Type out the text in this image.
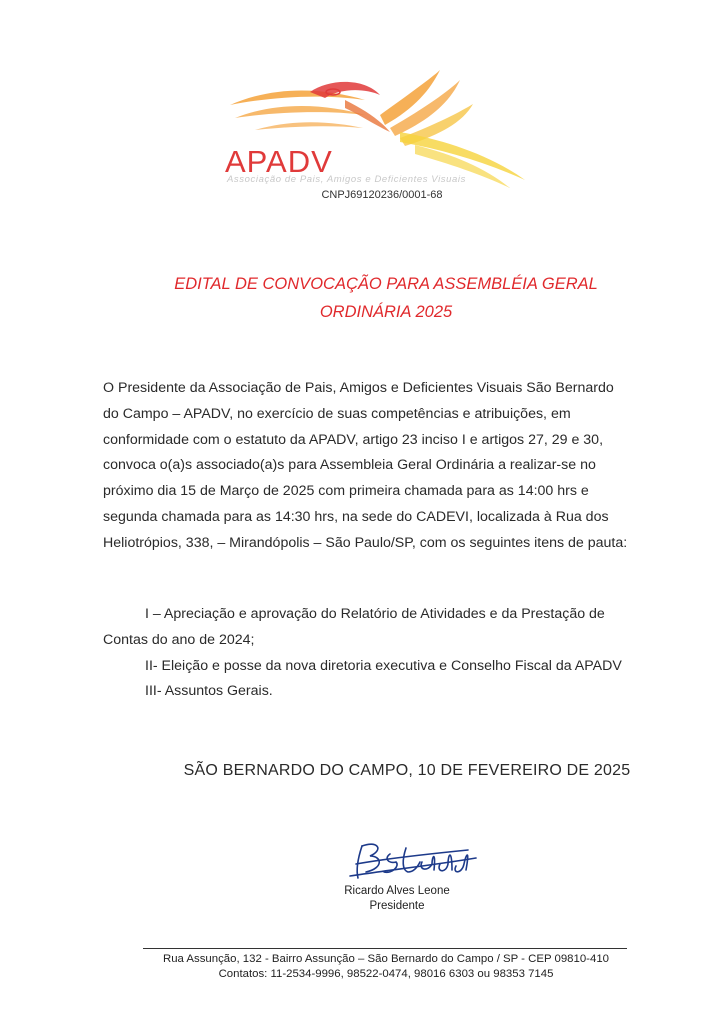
APADV
Associação de Pais, Amigos e Deficientes Visuais
CNPJ69120236/0001-68
EDITAL DE CONVOCAÇÃO PARA ASSEMBLÉIA GERAL
ORDINÁRIA 2025
O Presidente da Associação de Pais, Amigos e Deficientes Visuais São Bernardo do Campo – APADV, no exercício de suas competências e atribuições, em conformidade com o estatuto da APADV, artigo 23 inciso I e artigos 27, 29 e 30, convoca o(a)s associado(a)s para Assembleia Geral Ordinária a realizar-se no próximo dia 15 de Março de 2025 com primeira chamada para as 14:00 hrs e segunda chamada para as 14:30 hrs, na sede do CADEVI, localizada à Rua dos Heliotrópios, 338, – Mirandópolis – São Paulo/SP, com os seguintes itens de pauta:
I – Apreciação e aprovação do Relatório de Atividades e da Prestação de Contas do ano de 2024;
II- Eleição e posse da nova diretoria executiva e Conselho Fiscal da APADV
III- Assuntos Gerais.
SÃO BERNARDO DO CAMPO, 10 DE FEVEREIRO DE 2025
Ricardo Alves Leone
Presidente
Rua Assunção, 132 - Bairro Assunção – São Bernardo do Campo / SP - CEP 09810-410
Contatos: 11-2534-9996, 98522-0474, 98016 6303 ou 98353 7145
